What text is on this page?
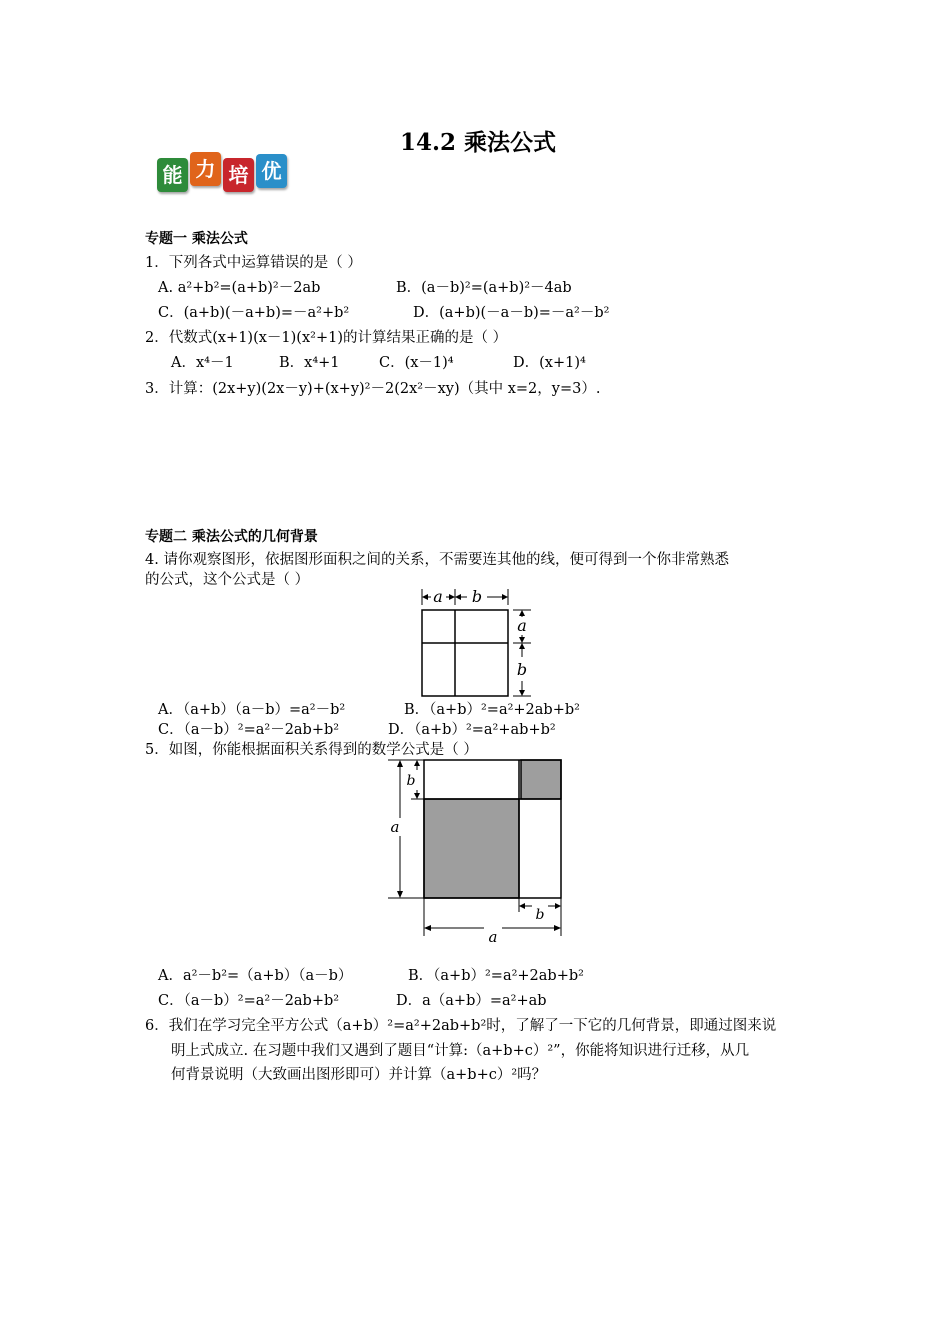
14.2 乘法公式
能 力 培 优
专题一 乘法公式
1．下列各式中运算错误的是（ ）
A. a²+b²=(a+b)²－2ab	B．(a－b)²=(a+b)²－4ab
C．(a+b)(－a+b)=－a²+b²	D．(a+b)(－a－b)=－a²－b²
2．代数式(x+1)(x－1)(x²+1)的计算结果正确的是（ ）
A．x⁴－1	B．x⁴+1	C．(x－1)⁴	D．(x+1)⁴
3．计算：(2x+y)(2x－y)+(x+y)²－2(2x²－xy)（其中 x=2，y=3）.
专题二 乘法公式的几何背景
4. 请你观察图形，依据图形面积之间的关系，不需要连其他的线，便可得到一个你非常熟悉
的公式，这个公式是（ ）
a b
a
b
A．（a+b）（a－b）=a²－b²	B．（a+b）²=a²+2ab+b²
C．（a－b）²=a²－2ab+b²	D．（a+b）²=a²+ab+b²
5．如图，你能根据面积关系得到的数学公式是（ ）
b
a
b
a
A．a²－b²=（a+b）（a－b）	B．（a+b）²=a²+2ab+b²
C．（a－b）²=a²－2ab+b²	D．a（a+b）=a²+ab
6．我们在学习完全平方公式（a+b）²=a²+2ab+b²时，了解了一下它的几何背景，即通过图来说
明上式成立. 在习题中我们又遇到了题目“计算:（a+b+c）²”，你能将知识进行迁移，从几
何背景说明（大致画出图形即可）并计算（a+b+c）²吗？
